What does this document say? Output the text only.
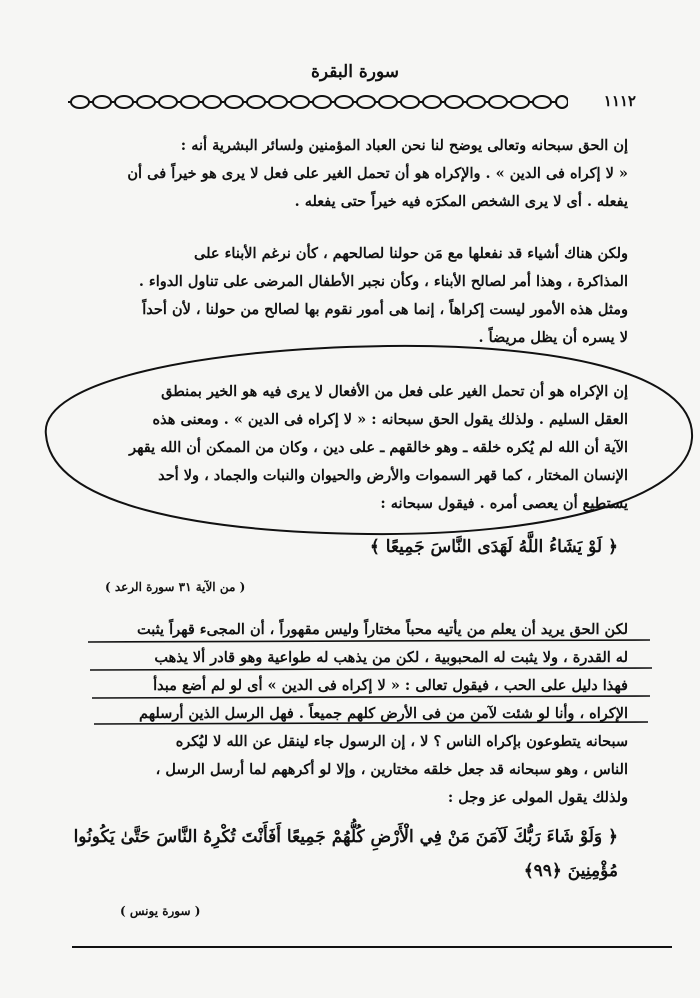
سورة البقرة
١١١٢
إن الحق سبحانه وتعالى يوضح لنا نحن العباد المؤمنين ولسائر البشرية أنه :
« لا إكراه فى الدين » . والإكراه هو أن تحمل الغير على فعل لا يرى هو خيراً فى أن
يفعله . أى لا يرى الشخص المكرَه فيه خيراً حتى يفعله .
ولكن هناك أشياء قد نفعلها مع مَن حولنا لصالحهم ، كأن نرغم الأبناء على
المذاكرة ، وهذا أمر لصالح الأبناء ، وكأن نجبر الأطفال المرضى على تناول الدواء .
ومثل هذه الأمور ليست إكراهاً ، إنما هى أمور نقوم بها لصالح من حولنا ، لأن أحداً
لا يسره أن يظل مريضاً .
إن الإكراه هو أن تحمل الغير على فعل من الأفعال لا يرى فيه هو الخير بمنطق
العقل السليم . ولذلك يقول الحق سبحانه : « لا إكراه فى الدين » . ومعنى هذه
الآية أن الله لم يُكره خلقه ـ وهو خالقهم ـ على دين ، وكان من الممكن أن الله يقهر
الإنسان المختار ، كما قهر السموات والأرض والحيوان والنبات والجماد ، ولا أحد
يستطيع أن يعصى أمره . فيقول سبحانه :
﴿ لَوْ يَشَاءُ اللَّهُ لَهَدَى النَّاسَ جَمِيعًا ﴾
( من الآية ٣١ سورة الرعد )
لكن الحق يريد أن يعلم من يأتيه محباً مختاراً وليس مقهوراً ، أن المجىء قهراً يثبت
له القدرة ، ولا يثبت له المحبوبية ، لكن من يذهب له طواعية وهو قادر ألا يذهب
فهذا دليل على الحب ، فيقول تعالى : « لا إكراه فى الدين » أى لو لم أضع مبدأ
الإكراه ، وأنا لو شئت لآمن من فى الأرض كلهم جميعاً . فهل الرسل الذين أرسلهم
سبحانه يتطوعون بإكراه الناس ؟ لا ، إن الرسول جاء لينقل عن الله لا ليُكره
الناس ، وهو سبحانه قد جعل خلقه مختارين ، وإلا لو أكرههم لما أرسل الرسل ،
ولذلك يقول المولى عز وجل :
﴿ وَلَوْ شَاءَ رَبُّكَ لَآمَنَ مَنْ فِي الْأَرْضِ كُلُّهُمْ جَمِيعًا أَفَأَنْتَ تُكْرِهُ النَّاسَ حَتَّىٰ يَكُونُوا
مُؤْمِنِينَ ﴿٩٩﴾
( سورة يونس )
